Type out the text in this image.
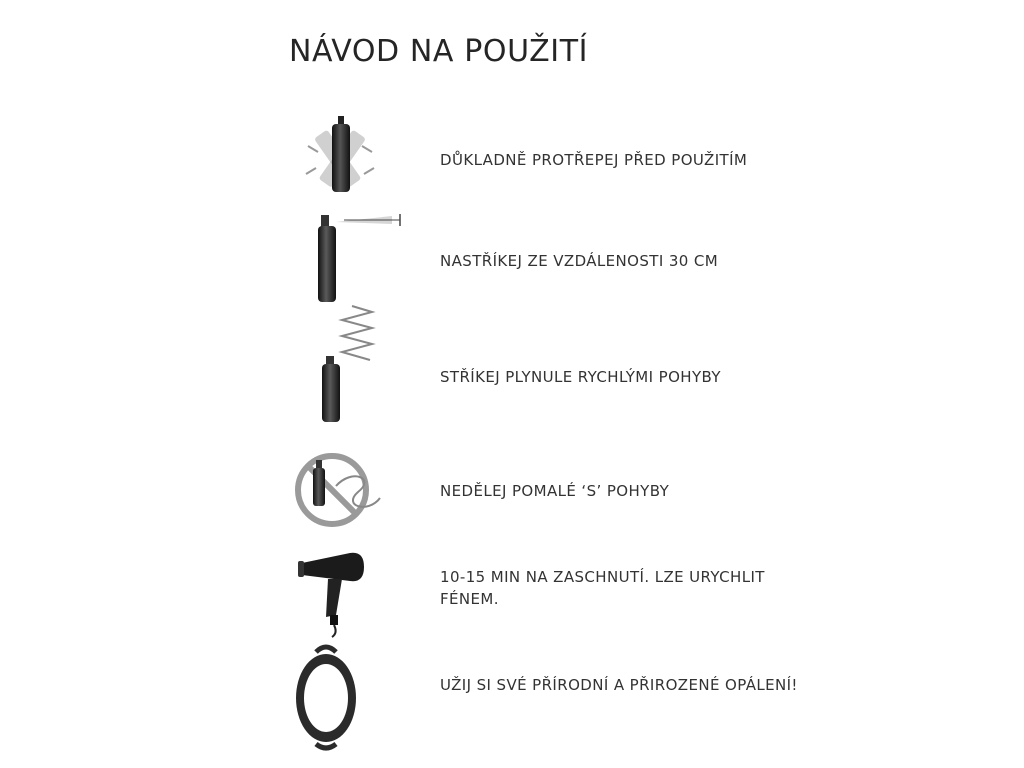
NÁVOD NA POUŽITÍ
DŮKLADNĚ PROTŘEPEJ PŘED POUŽITÍM
NASTŘÍKEJ ZE VZDÁLENOSTI 30 CM
STŘÍKEJ PLYNULE RYCHLÝMI POHYBY
NEDĚLEJ POMALÉ ‘S’ POHYBY
10-15 MIN NA ZASCHNUTÍ. LZE URYCHLIT FÉNEM.
UŽIJ SI SVÉ PŘÍRODNÍ A PŘIROZENÉ OPÁLENÍ!
